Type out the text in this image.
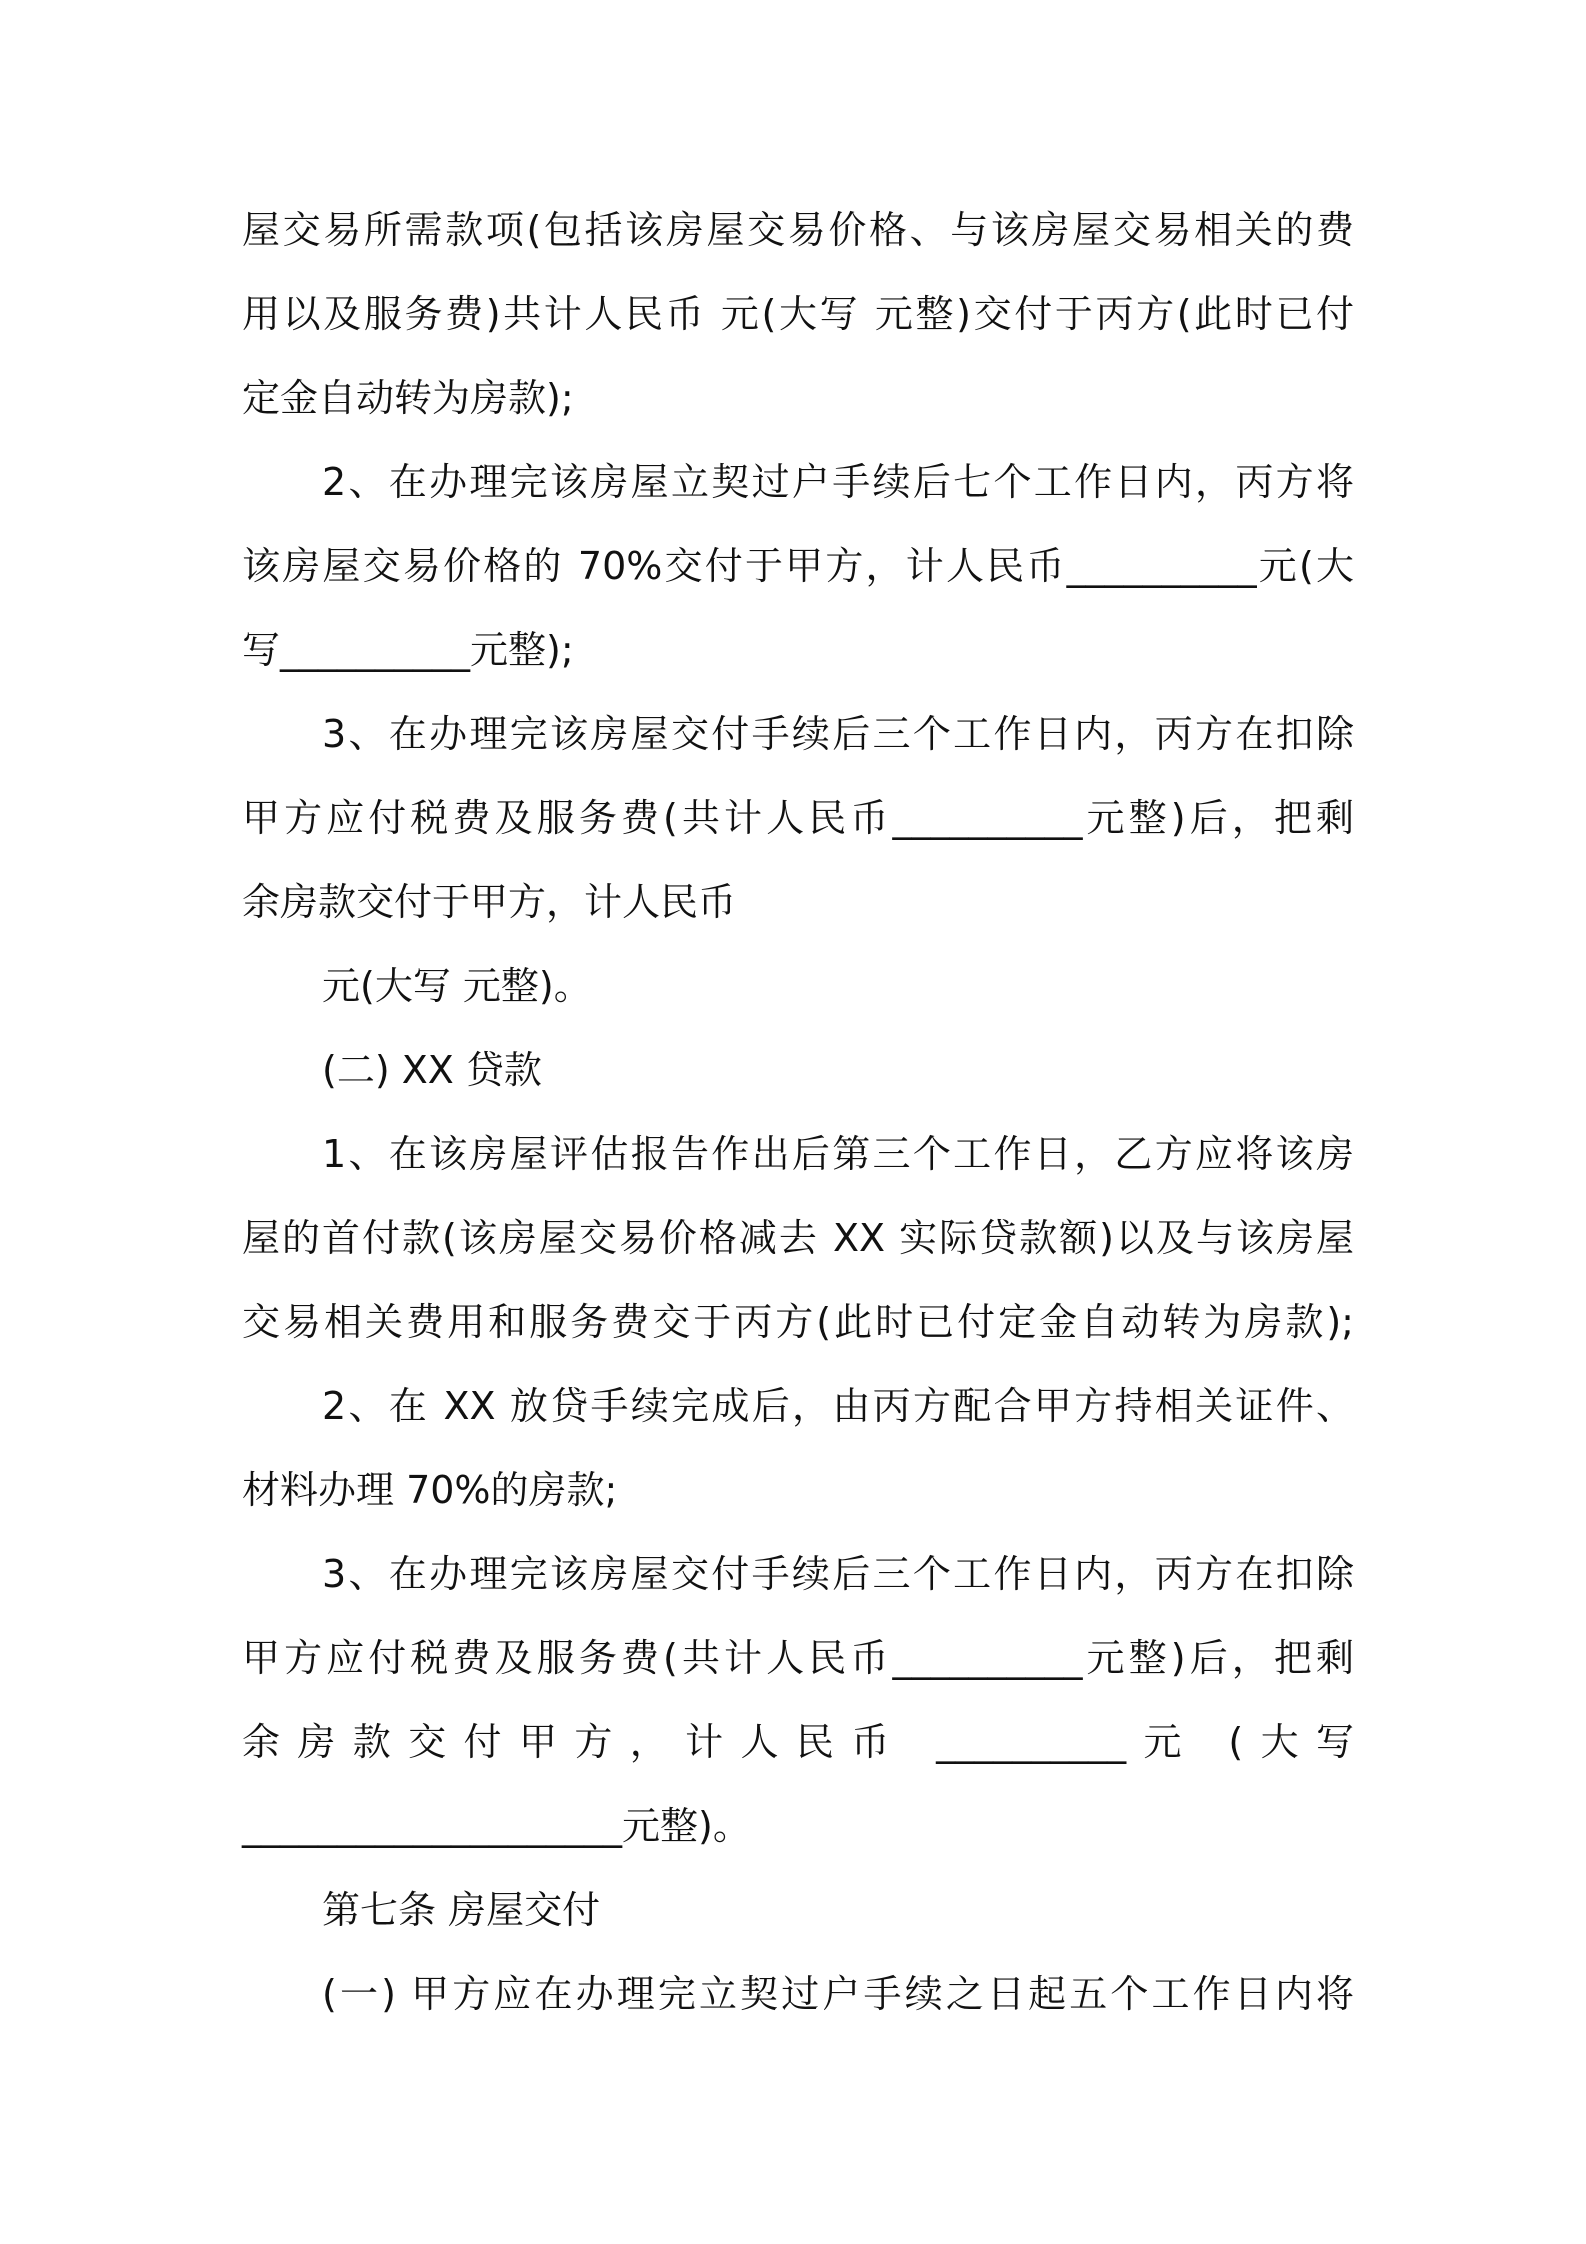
屋交易所需款项(包括该房屋交易价格、与该房屋交易相关的费
用以及服务费)共计人民币 元(大写 元整)交付于丙方(此时已付
定金自动转为房款);
2、在办理完该房屋立契过户手续后七个工作日内，丙方将
该房屋交易价格的 70%交付于甲方，计人民币__________元(大
写__________元整);
3、在办理完该房屋交付手续后三个工作日内，丙方在扣除
甲方应付税费及服务费(共计人民币__________元整)后，把剩
余房款交付于甲方，计人民币
元(大写 元整)。
(二) XX 贷款
1、在该房屋评估报告作出后第三个工作日，乙方应将该房
屋的首付款(该房屋交易价格减去 XX 实际贷款额)以及与该房屋
交易相关费用和服务费交于丙方(此时已付定金自动转为房款);
2、在 XX 放贷手续完成后，由丙方配合甲方持相关证件、
材料办理 70%的房款;
3、在办理完该房屋交付手续后三个工作日内，丙方在扣除
甲方应付税费及服务费(共计人民币__________元整)后，把剩
余房款交付甲方，计人民币 __________元 (大写
____________________元整)。
第七条 房屋交付
(一) 甲方应在办理完立契过户手续之日起五个工作日内将
